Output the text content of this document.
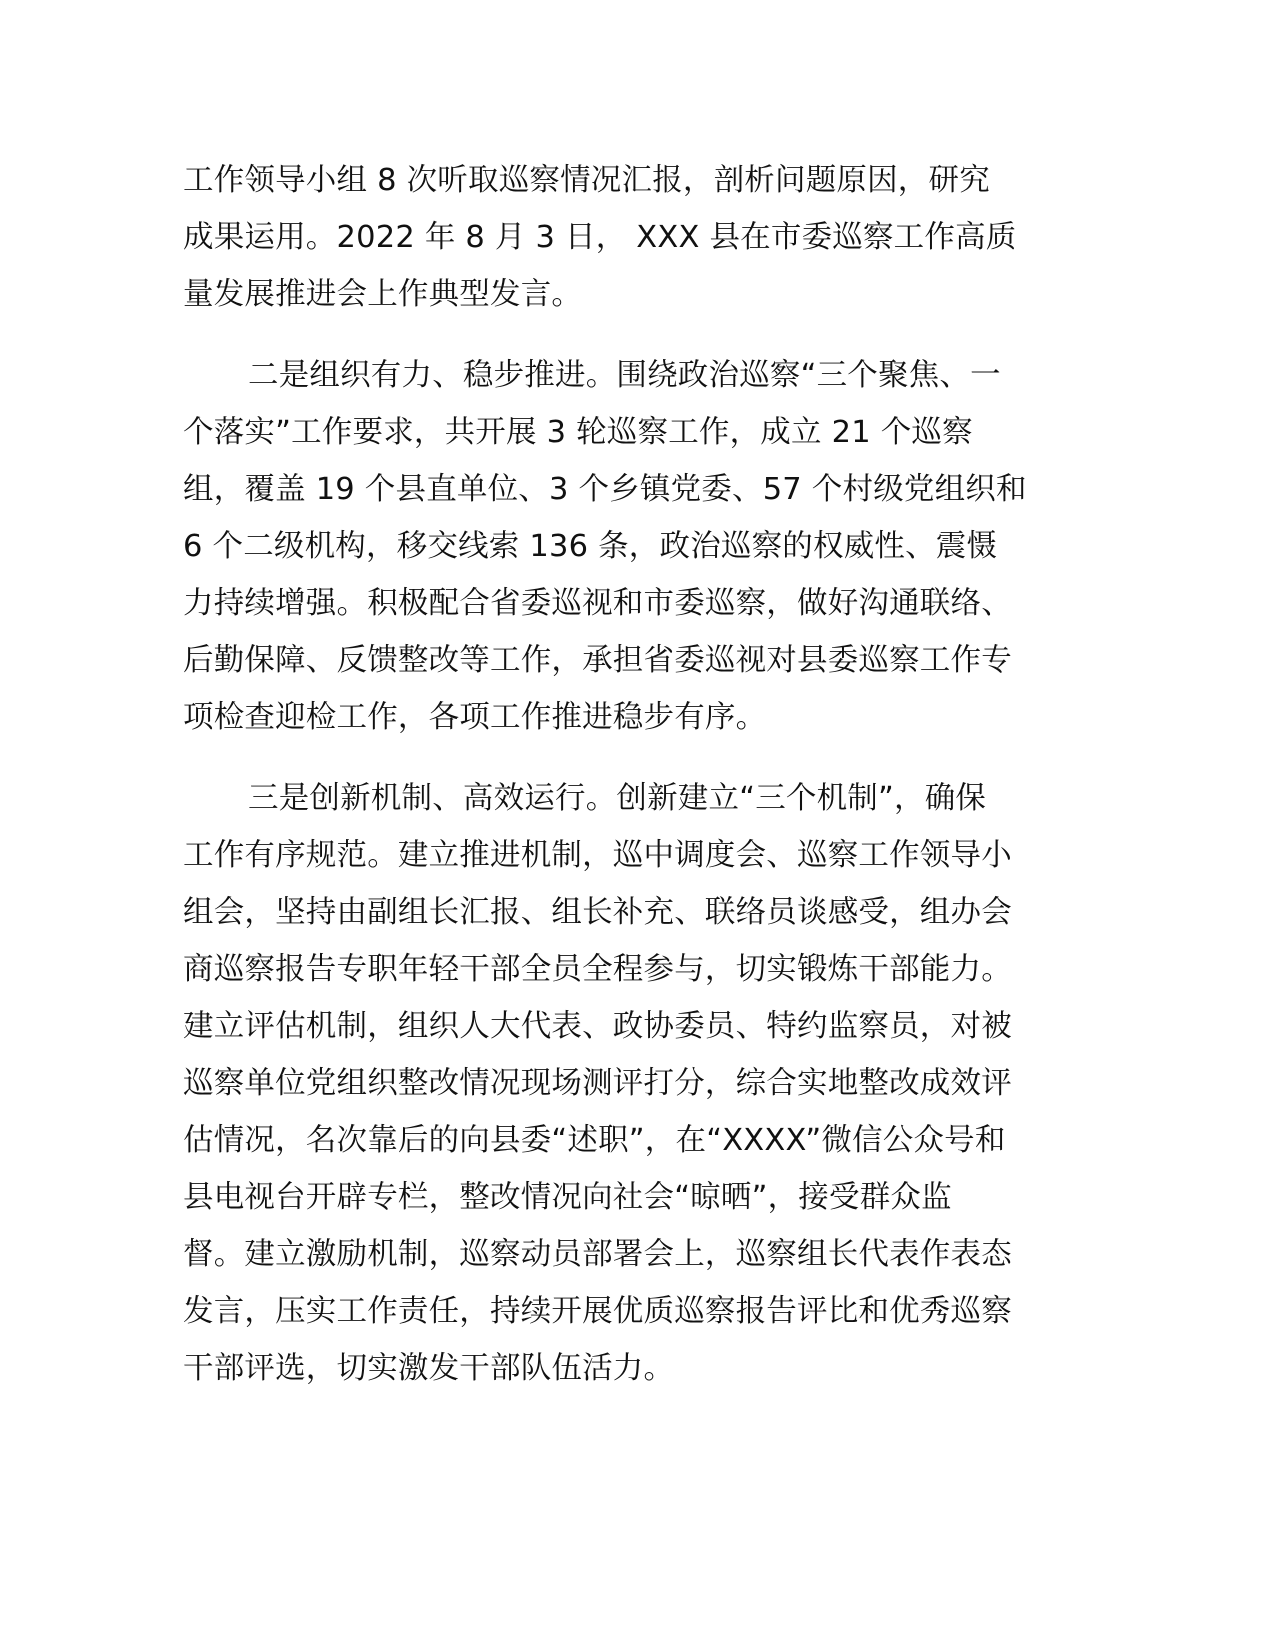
工作领导小组 8 次听取巡察情况汇报，剖析问题原因，研究
成果运用。2022 年 8 月 3 日， XXX 县在市委巡察工作高质
量发展推进会上作典型发言。
二是组织有力、稳步推进。围绕政治巡察“三个聚焦、一
个落实”工作要求，共开展 3 轮巡察工作，成立 21 个巡察
组，覆盖 19 个县直单位、3 个乡镇党委、57 个村级党组织和
6 个二级机构，移交线索 136 条，政治巡察的权威性、震慑
力持续增强。积极配合省委巡视和市委巡察，做好沟通联络、
后勤保障、反馈整改等工作，承担省委巡视对县委巡察工作专
项检查迎检工作，各项工作推进稳步有序。
三是创新机制、高效运行。创新建立“三个机制”，确保
工作有序规范。建立推进机制，巡中调度会、巡察工作领导小
组会，坚持由副组长汇报、组长补充、联络员谈感受，组办会
商巡察报告专职年轻干部全员全程参与，切实锻炼干部能力。
建立评估机制，组织人大代表、政协委员、特约监察员，对被
巡察单位党组织整改情况现场测评打分，综合实地整改成效评
估情况，名次靠后的向县委“述职”，在“XXXX”微信公众号和
县电视台开辟专栏，整改情况向社会“晾晒”，接受群众监
督。建立激励机制，巡察动员部署会上，巡察组长代表作表态
发言，压实工作责任，持续开展优质巡察报告评比和优秀巡察
干部评选，切实激发干部队伍活力。
